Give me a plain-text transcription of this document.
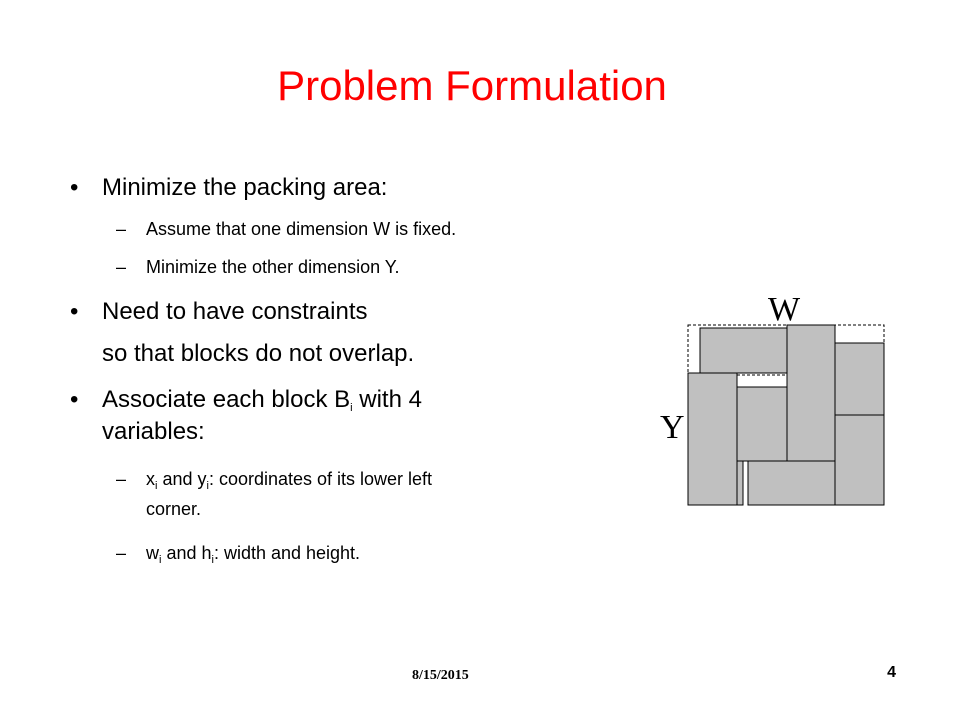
Problem Formulation
• Minimize the packing area:
– Assume that one dimension W is fixed.
– Minimize the other dimension Y.
• Need to have constraints
so that blocks do not overlap.
• Associate each block $B_i$ with 4
variables:
– $x_i$ and $y_i$: coordinates of its lower left
corner.
– $w_i$ and $h_i$: width and height.
W
Y
8/15/2015	4
